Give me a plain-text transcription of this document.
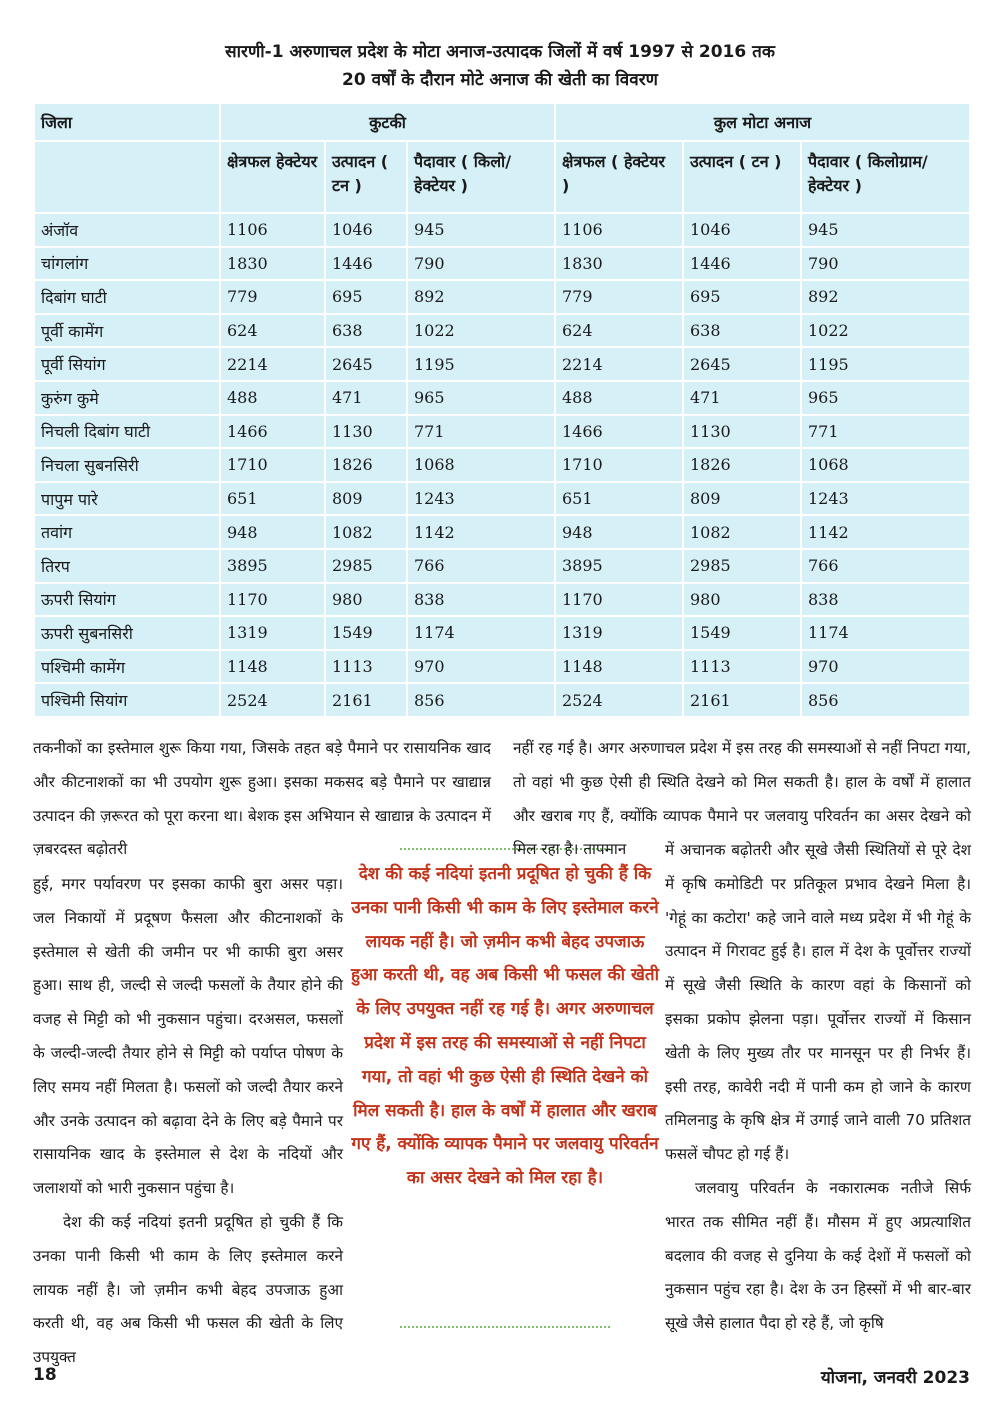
सारणी-1 अरुणाचल प्रदेश के मोटा अनाज-उत्पादक जिलों में वर्ष 1997 से 2016 तक
20 वर्षों के दौरान मोटे अनाज की खेती का विवरण
जिला	कुटकी			कुल मोटा अनाज		
	क्षेत्रफल हेक्टेयर	उत्पादन ( टन )	पैदावार ( किलो/ हेक्टेयर )	क्षेत्रफल ( हेक्टेयर )	उत्पादन ( टन )	पैदावार ( किलोग्राम/ हेक्टेयर )
अंजॉव	1106	1046	945	1106	1046	945
चांगलांग	1830	1446	790	1830	1446	790
दिबांग घाटी	779	695	892	779	695	892
पूर्वी कामेंग	624	638	1022	624	638	1022
पूर्वी सियांग	2214	2645	1195	2214	2645	1195
कुरुंग कुमे	488	471	965	488	471	965
निचली दिबांग घाटी	1466	1130	771	1466	1130	771
निचला सुबनसिरी	1710	1826	1068	1710	1826	1068
पापुम पारे	651	809	1243	651	809	1243
तवांग	948	1082	1142	948	1082	1142
तिरप	3895	2985	766	3895	2985	766
ऊपरी सियांग	1170	980	838	1170	980	838
ऊपरी सुबनसिरी	1319	1549	1174	1319	1549	1174
पश्चिमी कामेंग	1148	1113	970	1148	1113	970
पश्चिमी सियांग	2524	2161	856	2524	2161	856

तकनीकों का इस्तेमाल शुरू किया गया, जिसके तहत बड़े पैमाने पर रासायनिक खाद और कीटनाशकों का भी उपयोग शुरू हुआ। इसका मकसद बड़े पैमाने पर खाद्यान्न उत्पादन की ज़रूरत को पूरा करना था। बेशक इस अभियान से खाद्यान्न के उत्पादन में ज़बरदस्त बढ़ोतरी

हुई, मगर पर्यावरण पर इसका काफी बुरा असर पड़ा। जल निकायों में प्रदूषण फैसला और कीटनाशकों के इस्तेमाल से खेती की जमीन पर भी काफी बुरा असर हुआ। साथ ही, जल्दी से जल्दी फसलों के तैयार होने की वजह से मिट्टी को भी नुकसान पहुंचा। दरअसल, फसलों के जल्दी-जल्दी तैयार होने से मिट्टी को पर्याप्त पोषण के लिए समय नहीं मिलता है। फसलों को जल्दी तैयार करने और उनके उत्पादन को बढ़ावा देने के लिए बड़े पैमाने पर रासायनिक खाद के इस्तेमाल से देश के नदियों और जलाशयों को भारी नुकसान पहुंचा है।

देश की कई नदियां इतनी प्रदूषित हो चुकी हैं कि उनका पानी किसी भी काम के लिए इस्तेमाल करने लायक नहीं है। जो ज़मीन कभी बेहद उपजाऊ हुआ करती थी, वह अब किसी भी फसल की खेती के लिए उपयुक्त

देश की कई नदियां इतनी प्रदूषित हो चुकी हैं कि उनका पानी किसी भी काम के लिए इस्तेमाल करने लायक नहीं है। जो ज़मीन कभी बेहद उपजाऊ हुआ करती थी, वह अब किसी भी फसल की खेती के लिए उपयुक्त नहीं रह गई है। अगर अरुणाचल प्रदेश में इस तरह की समस्याओं से नहीं निपटा गया, तो वहां भी कुछ ऐसी ही स्थिति देखने को मिल सकती है। हाल के वर्षों में हालात और खराब गए हैं, क्योंकि व्यापक पैमाने पर जलवायु परिवर्तन का असर देखने को मिल रहा है।

नहीं रह गई है। अगर अरुणाचल प्रदेश में इस तरह की समस्याओं से नहीं निपटा गया, तो वहां भी कुछ ऐसी ही स्थिति देखने को मिल सकती है। हाल के वर्षों में हालात और खराब गए हैं, क्योंकि व्यापक पैमाने पर जलवायु परिवर्तन का असर देखने को मिल रहा है। तापमान	में अचानक बढ़ोतरी और सूखे जैसी स्थितियों से पूरे देश में कृषि कमोडिटी पर प्रतिकूल प्रभाव देखने मिला है। 'गेहूं का कटोरा' कहे जाने वाले मध्य प्रदेश में भी गेहूं के उत्पादन में गिरावट हुई है। हाल में देश के पूर्वोत्तर राज्यों में सूखे जैसी स्थिति के कारण वहां के किसानों को इसका प्रकोप झेलना पड़ा। पूर्वोत्तर राज्यों में किसान खेती के लिए मुख्य तौर पर मानसून पर ही निर्भर हैं। इसी तरह, कावेरी नदी में पानी कम हो जाने के कारण तमिलनाडु के कृषि क्षेत्र में उगाई जाने वाली 70 प्रतिशत फसलें चौपट हो गई हैं।

जलवायु परिवर्तन के नकारात्मक नतीजे सिर्फ भारत तक सीमित नहीं हैं। मौसम में हुए अप्रत्याशित बदलाव की वजह से दुनिया के कई देशों में फसलों को नुकसान पहुंच रहा है। देश के उन हिस्सों में भी बार-बार सूखे जैसे हालात पैदा हो रहे हैं, जो कृषि

18	योजना, जनवरी 2023
